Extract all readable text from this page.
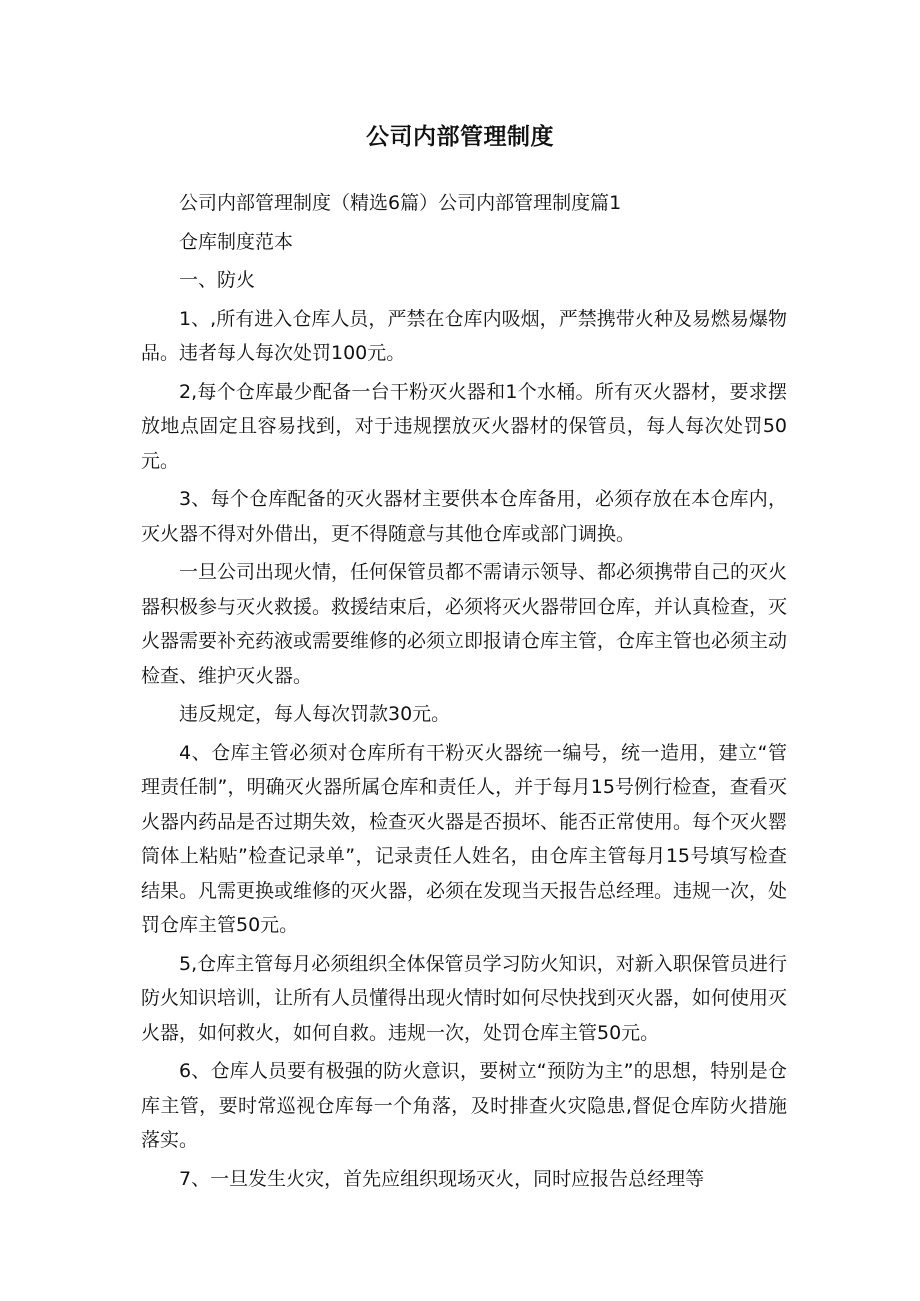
公司内部管理制度

公司内部管理制度（精选6篇）公司内部管理制度篇1

仓库制度范本

一、防火

1、,所有进入仓库人员，严禁在仓库内吸烟，严禁携带火种及易燃易爆物品。违者每人每次处罚100元。

2,每个仓库最少配备一台干粉灭火器和1个水桶。所有灭火器材，要求摆放地点固定且容易找到，对于违规摆放灭火器材的保管员，每人每次处罚50元。

3、每个仓库配备的灭火器材主要供本仓库备用，必须存放在本仓库内，灭火器不得对外借出，更不得随意与其他仓库或部门调换。

一旦公司出现火情，任何保管员都不需请示领导、都必须携带自己的灭火器积极参与灭火救援。救援结束后，必须将灭火器带回仓库，并认真检查，灭火器需要补充药液或需要维修的必须立即报请仓库主管，仓库主管也必须主动检查、维护灭火器。

违反规定，每人每次罚款30元。

4、仓库主管必须对仓库所有干粉灭火器统一编号，统一造用，建立“管理责任制”，明确灭火器所属仓库和责任人，并于每月15号例行检查，查看灭火器内药品是否过期失效，检查灭火器是否损坏、能否正常使用。每个灭火罂筒体上粘贴”检查记录单”，记录责任人姓名，由仓库主管每月15号填写检查结果。凡需更换或维修的灭火器，必须在发现当天报告总经理。违规一次，处罚仓库主管50元。

5,仓库主管每月必须组织全体保管员学习防火知识，对新入职保管员进行防火知识培训，让所有人员懂得出现火情时如何尽快找到灭火器，如何使用灭火器，如何救火，如何自救。违规一次，处罚仓库主管50元。

6、仓库人员要有极强的防火意识，要树立“预防为主”的思想，特别是仓库主管，要时常巡视仓库每一个角落，及时排查火灾隐患,督促仓库防火措施落实。

7、一旦发生火灾，首先应组织现场灭火，同时应报告总经理等
